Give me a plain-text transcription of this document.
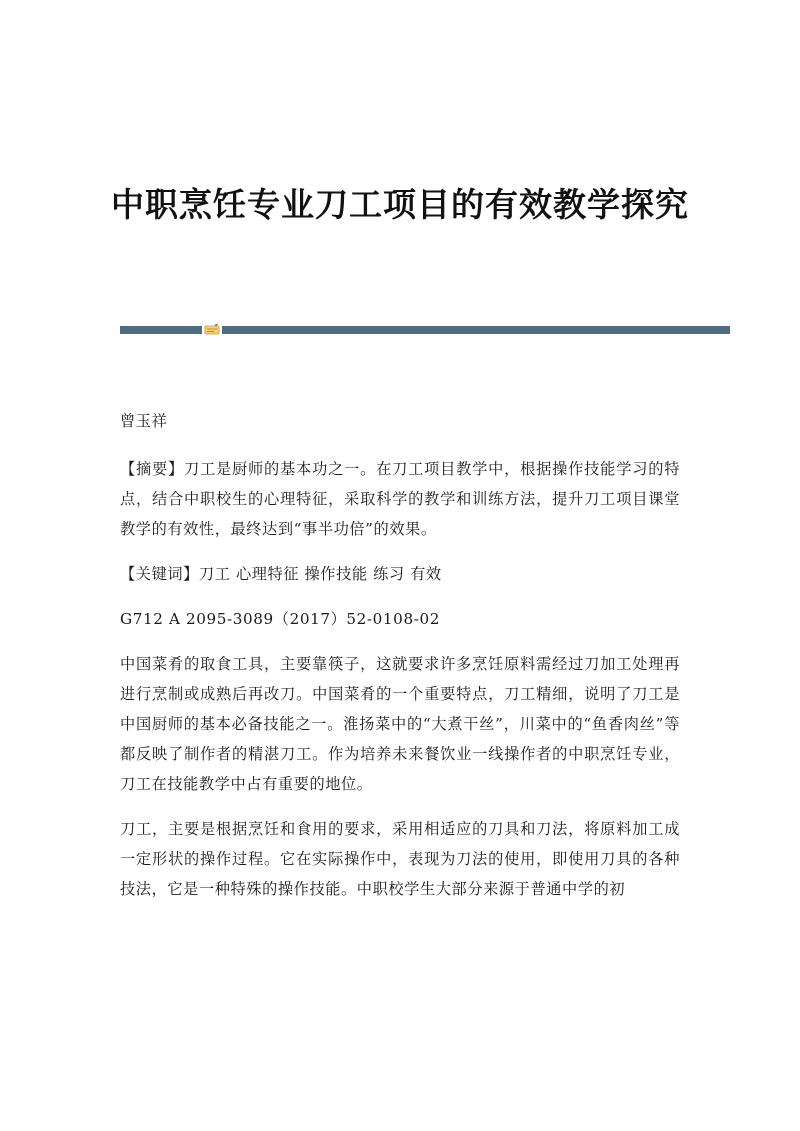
中职烹饪专业刀工项目的有效教学探究

曾玉祥

【摘要】刀工是厨师的基本功之一。在刀工项目教学中，根据操作技能学习的特点，结合中职校生的心理特征，采取科学的教学和训练方法，提升刀工项目课堂教学的有效性，最终达到“事半功倍”的效果。

【关键词】刀工 心理特征 操作技能 练习 有效

G712 A 2095-3089（2017）52-0108-02

中国菜肴的取食工具，主要靠筷子，这就要求许多烹饪原料需经过刀加工处理再进行烹制或成熟后再改刀。中国菜肴的一个重要特点，刀工精细，说明了刀工是中国厨师的基本必备技能之一。淮扬菜中的“大煮干丝”，川菜中的“鱼香肉丝”等都反映了制作者的精湛刀工。作为培养未来餐饮业一线操作者的中职烹饪专业，刀工在技能教学中占有重要的地位。

刀工，主要是根据烹饪和食用的要求，采用相适应的刀具和刀法，将原料加工成一定形状的操作过程。它在实际操作中，表现为刀法的使用，即使用刀具的各种技法，它是一种特殊的操作技能。中职校学生大部分来源于普通中学的初
